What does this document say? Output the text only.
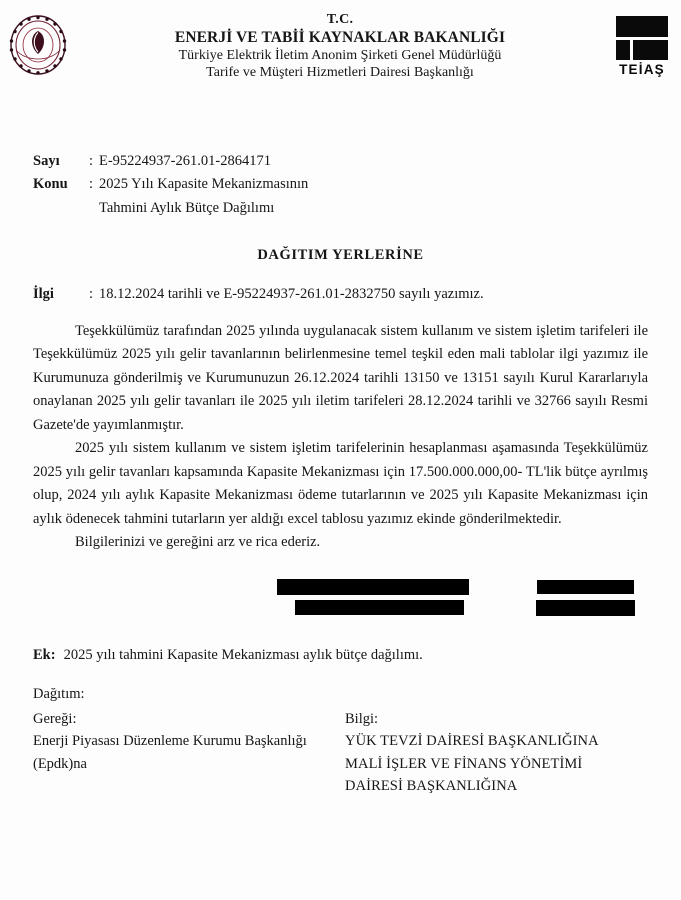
T.C.
ENERJİ VE TABİİ KAYNAKLAR BAKANLIĞI
Türkiye Elektrik İletim Anonim Şirketi Genel Müdürlüğü
Tarife ve Müşteri Hizmetleri Dairesi Başkanlığı	TEİAŞ
Sayı	: E-95224937-261.01-2864171
Konu	: 2025 Yılı Kapasite Mekanizmasının
Tahmini Aylık Bütçe Dağılımı
DAĞITIM YERLERİNE
İlgi	: 18.12.2024 tarihli ve E-95224937-261.01-2832750 sayılı yazımız.

Teşekkülümüz tarafından 2025 yılında uygulanacak sistem kullanım ve sistem işletim tarifeleri ile Teşekkülümüz 2025 yılı gelir tavanlarının belirlenmesine temel teşkil eden mali tablolar ilgi yazımız ile Kurumunuza gönderilmiş ve Kurumunuzun 26.12.2024 tarihli 13150 ve 13151 sayılı Kurul Kararlarıyla onaylanan 2025 yılı gelir tavanları ile 2025 yılı iletim tarifeleri 28.12.2024 tarihli ve 32766 sayılı Resmi Gazete'de yayımlanmıştır.

2025 yılı sistem kullanım ve sistem işletim tarifelerinin hesaplanması aşamasında Teşekkülümüz 2025 yılı gelir tavanları kapsamında Kapasite Mekanizması için 17.500.000.000,00- TL'lik bütçe ayrılmış olup, 2024 yılı aylık Kapasite Mekanizması ödeme tutarlarının ve 2025 yılı Kapasite Mekanizması için aylık ödenecek tahmini tutarların yer aldığı excel tablosu yazımız ekinde gönderilmektedir.

Bilgilerinizi ve gereğini arz ve rica ederiz.

Ek: 2025 yılı tahmini Kapasite Mekanizması aylık bütçe dağılımı.
Dağıtım:
Gereği:
Enerji Piyasası Düzenleme Kurumu Başkanlığı
(Epdk)na
Bilgi:
YÜK TEVZİ DAİRESİ BAŞKANLIĞINA
MALİ İŞLER VE FİNANS YÖNETİMİ
DAİRESİ BAŞKANLIĞINA
